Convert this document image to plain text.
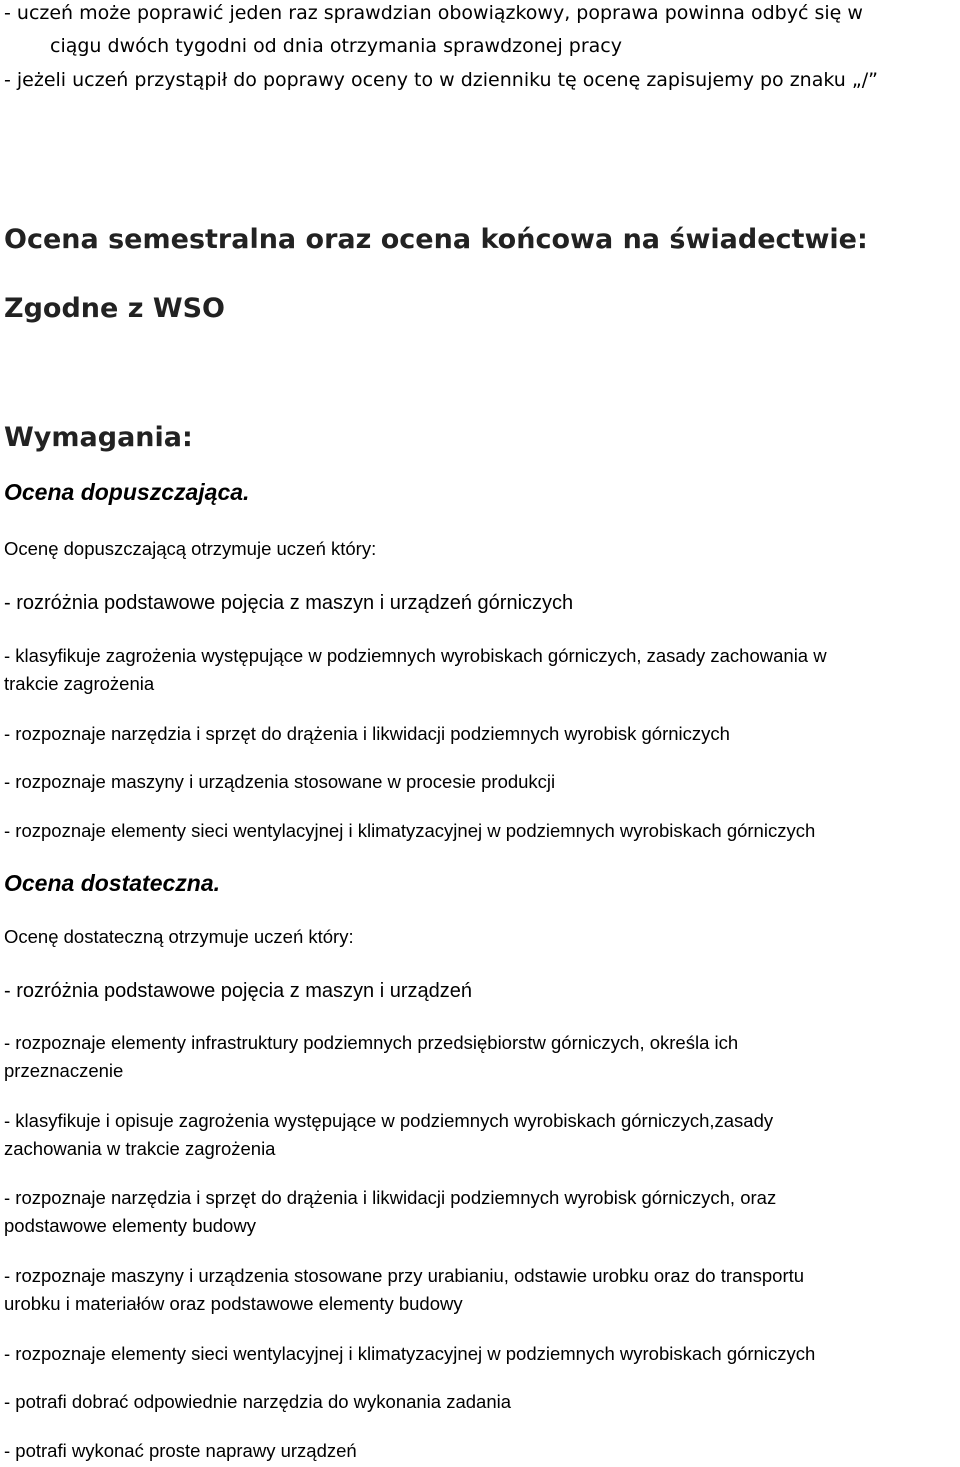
- uczeń może poprawić jeden raz sprawdzian obowiązkowy, poprawa powinna odbyć się w
ciągu dwóch tygodni od dnia otrzymania sprawdzonej pracy
- jeżeli uczeń przystąpił do poprawy oceny to w dzienniku tę ocenę zapisujemy po znaku „/”
Ocena semestralna oraz ocena końcowa na świadectwie:
Zgodne z WSO
Wymagania:
Ocena dopuszczająca.
Ocenę dopuszczającą otrzymuje uczeń który:
- rozróżnia podstawowe pojęcia z maszyn i urządzeń górniczych
- klasyfikuje zagrożenia występujące w podziemnych wyrobiskach górniczych, zasady zachowania w
trakcie zagrożenia
- rozpoznaje narzędzia i sprzęt do drążenia i likwidacji podziemnych wyrobisk górniczych
- rozpoznaje maszyny i urządzenia stosowane w procesie produkcji
- rozpoznaje elementy sieci wentylacyjnej i klimatyzacyjnej w podziemnych wyrobiskach górniczych
Ocena dostateczna.
Ocenę dostateczną otrzymuje uczeń który:
- rozróżnia podstawowe pojęcia z maszyn i urządzeń
- rozpoznaje elementy infrastruktury podziemnych przedsiębiorstw górniczych, określa ich
przeznaczenie
- klasyfikuje i opisuje zagrożenia występujące w podziemnych wyrobiskach górniczych,zasady
zachowania w trakcie zagrożenia
- rozpoznaje narzędzia i sprzęt do drążenia i likwidacji podziemnych wyrobisk górniczych, oraz
podstawowe elementy budowy
- rozpoznaje maszyny i urządzenia stosowane przy urabianiu, odstawie urobku oraz do transportu
urobku i materiałów oraz podstawowe elementy budowy
- rozpoznaje elementy sieci wentylacyjnej i klimatyzacyjnej w podziemnych wyrobiskach górniczych
- potrafi dobrać odpowiednie narzędzia do wykonania zadania
- potrafi wykonać proste naprawy urządzeń
